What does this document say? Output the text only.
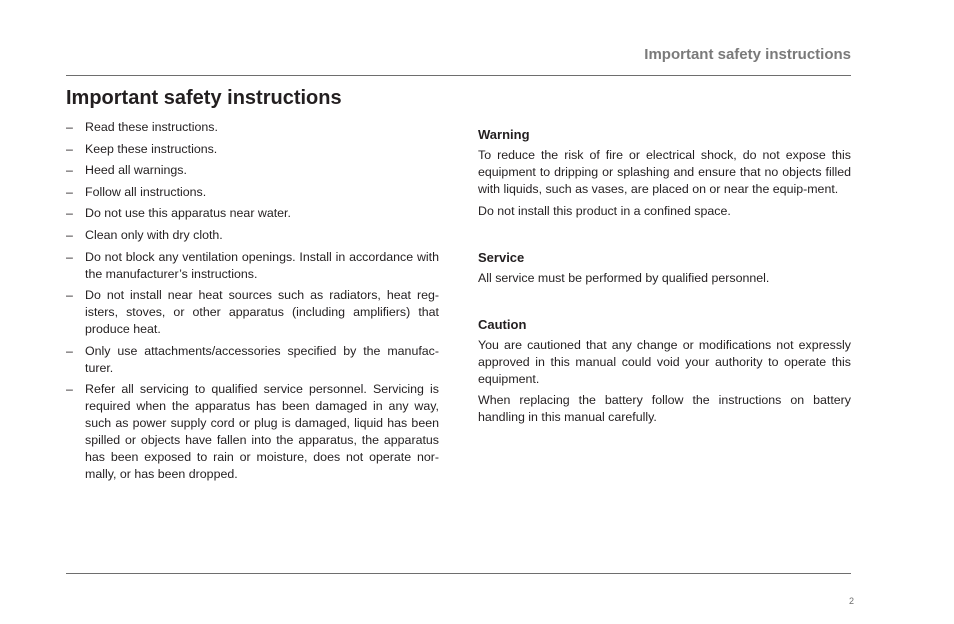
Important safety instructions
Important safety instructions
– Read these instructions.
– Keep these instructions.
– Heed all warnings.
– Follow all instructions.
– Do not use this apparatus near water.
– Clean only with dry cloth.
– Do not block any ventilation openings. Install in accordance with the manufacturer’s instructions.
– Do not install near heat sources such as radiators, heat reg-isters, stoves, or other apparatus (including amplifiers) that produce heat.
– Only use attachments/accessories specified by the manufac-turer.
– Refer all servicing to qualified service personnel. Servicing is required when the apparatus has been damaged in any way, such as power supply cord or plug is damaged, liquid has been spilled or objects have fallen into the apparatus, the apparatus has been exposed to rain or moisture, does not operate nor-mally, or has been dropped.
Warning

To reduce the risk of fire or electrical shock, do not expose this equipment to dripping or splashing and ensure that no objects filled with liquids, such as vases, are placed on or near the equip-ment.

Do not install this product in a confined space.

Service

All service must be performed by qualified personnel.

Caution

You are cautioned that any change or modifications not expressly approved in this manual could void your authority to operate this equipment.

When replacing the battery follow the instructions on battery handling in this manual carefully.

2
